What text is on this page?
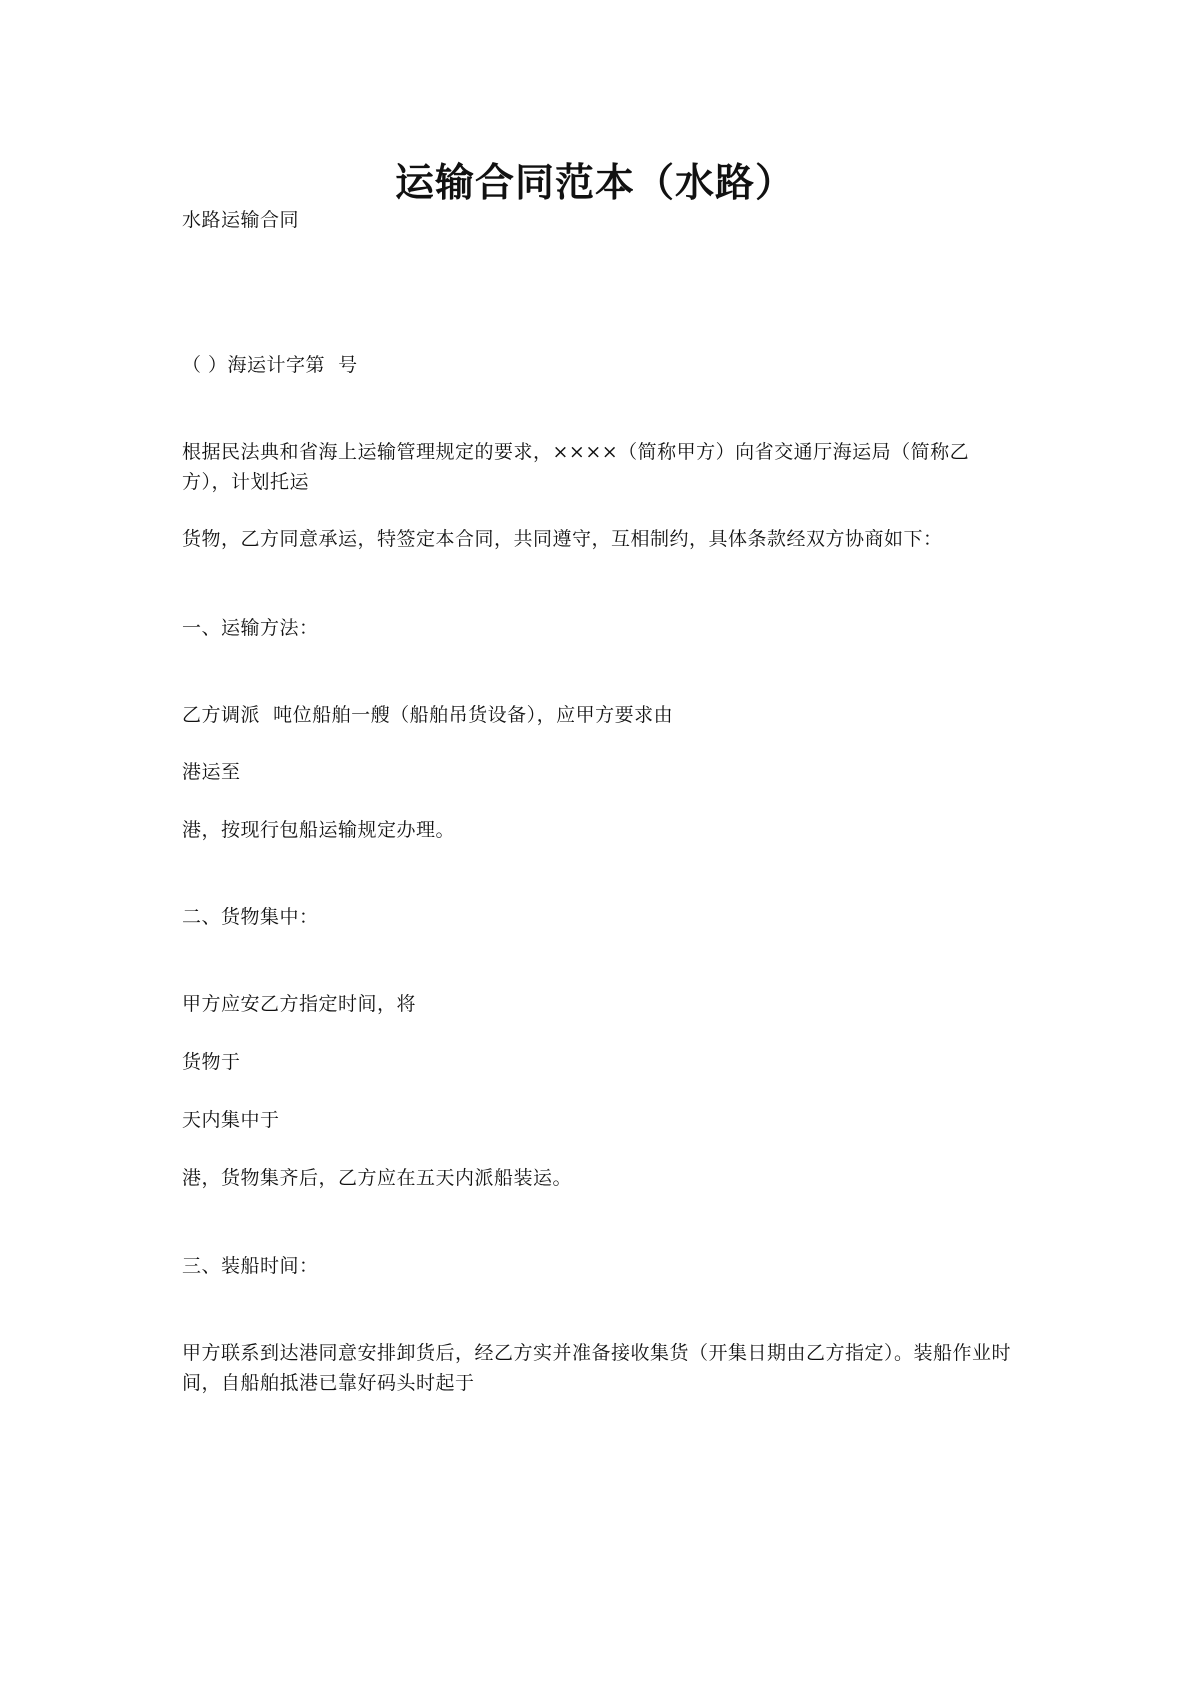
运输合同范本（水路）
水路运输合同
（ ）海运计字第  号
根据民法典和省海上运输管理规定的要求，××××（简称甲方）向省交通厅海运局（简称乙方），计划托运
货物，乙方同意承运，特签定本合同，共同遵守，互相制约，具体条款经双方协商如下：
一、运输方法：
乙方调派  吨位船舶一艘（船舶吊货设备），应甲方要求由
港运至
港，按现行包船运输规定办理。
二、货物集中：
甲方应安乙方指定时间，将
货物于
天内集中于
港，货物集齐后，乙方应在五天内派船装运。
三、装船时间：
甲方联系到达港同意安排卸货后，经乙方实并准备接收集货（开集日期由乙方指定）。装船作业时间，自船舶抵港已靠好码头时起于
